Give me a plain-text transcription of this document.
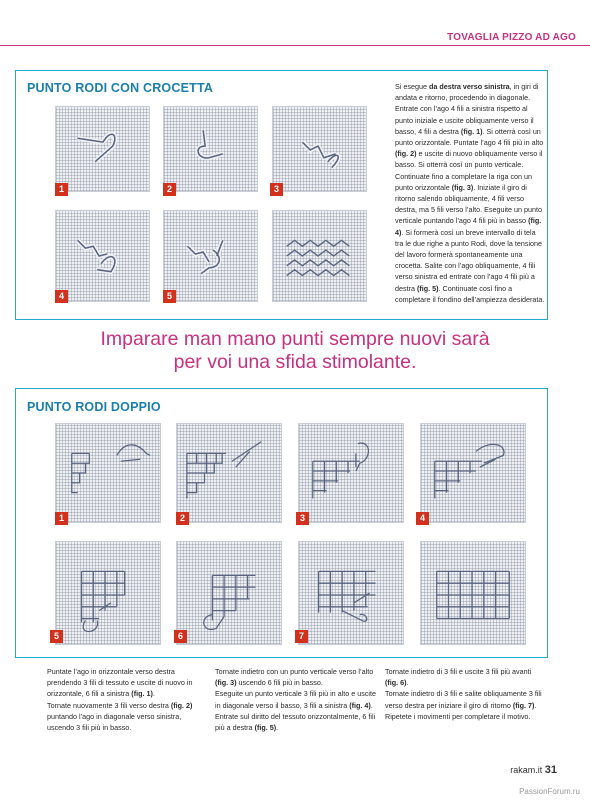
TOVAGLIA PIZZO AD AGO
PUNTO RODI CON CROCETTA
1	2	3
4	5

Si esegue da destra verso sinistra, in giri di andata e ritorno, procedendo in diagonale. Entrate con l’ago 4 fili a sinistra rispetto al punto iniziale e uscite obliquamente verso il basso, 4 fili a destra (fig. 1). Si otterrà così un punto orizzontale. Puntate l’ago 4 fili più in alto (fig. 2) e uscite di nuovo obliquamente verso il basso. Si otterrà così un punto verticale.

Continuate fino a completare la riga con un punto orizzontale (fig. 3). Iniziate il giro di ritorno salendo obliquamente, 4 fili verso destra, ma 5 fili verso l’alto. Eseguite un punto verticale puntando l’ago 4 fili più in basso (fig. 4). Si formerà così un breve intervallo di tela tra le due righe a punto Rodi, dove la tensione del lavoro formerà spontaneamente una crocetta. Salite con l’ago obliquamente, 4 fili verso sinistra ed entrate con l’ago 4 fili più a destra (fig. 5). Continuate così fino a completare il fondino dell’ampiezza desiderata.

Imparare man mano punti sempre nuovi sarà
per voi una sfida stimolante.
PUNTO RODI DOPPIO
1	2	3	4
5	6	7

Puntate l’ago in orizzontale verso destra prendendo 3 fili di tessuto e uscite di nuovo in orizzontale, 6 fili a sinistra (fig. 1).

Tornate nuovamente 3 fili verso destra (fig. 2) puntando l’ago in diagonale verso sinistra, uscendo 3 fili più in basso.

Tornate indietro con un punto verticale verso l’alto (fig. 3) uscendo 6 fili più in basso.

Eseguite un punto verticale 3 fili più in alto e uscite in diagonale verso il basso, 3 fili a sinistra (fig. 4).

Entrate sul diritto del tessuto orizzontalmente, 6 fili più a destra (fig. 5).

Tornate indietro di 3 fili e uscite 3 fili più avanti (fig. 6).

Tornate indietro di 3 fili e salite obliquamente 3 fili verso destra per iniziare il giro di ritorno (fig. 7).

Ripetete i movimenti per completare il motivo.

rakam.it 31
PassionForum.ru
